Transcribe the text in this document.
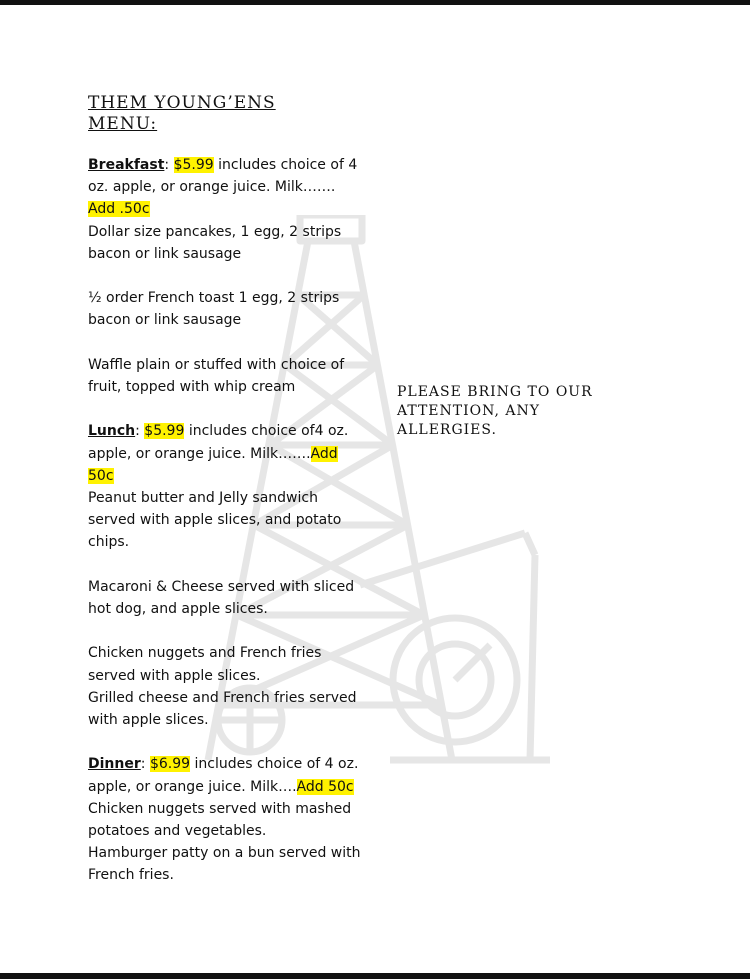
THEM YOUNG’ENS MENU:

Breakfast: $5.99 includes choice of 4 oz. apple, or orange juice. Milk……. Add .50c

Dollar size pancakes, 1 egg, 2 strips bacon or link sausage

½ order French toast 1 egg, 2 strips bacon or link sausage

Waffle plain or stuffed with choice of fruit, topped with whip cream

Lunch: $5.99 includes choice of4 oz. apple, or orange juice. Milk…….Add 50c

Peanut butter and Jelly sandwich served with apple slices, and potato chips.

Macaroni & Cheese served with sliced hot dog, and apple slices.

Chicken nuggets and French fries served with apple slices.

Grilled cheese and French fries served with apple slices.

Dinner: $6.99 includes choice of 4 oz. apple, or orange juice. Milk….Add 50c

Chicken nuggets served with mashed potatoes and vegetables.

Hamburger patty on a bun served with French fries.

PLEASE BRING TO OUR ATTENTION, ANY ALLERGIES.
